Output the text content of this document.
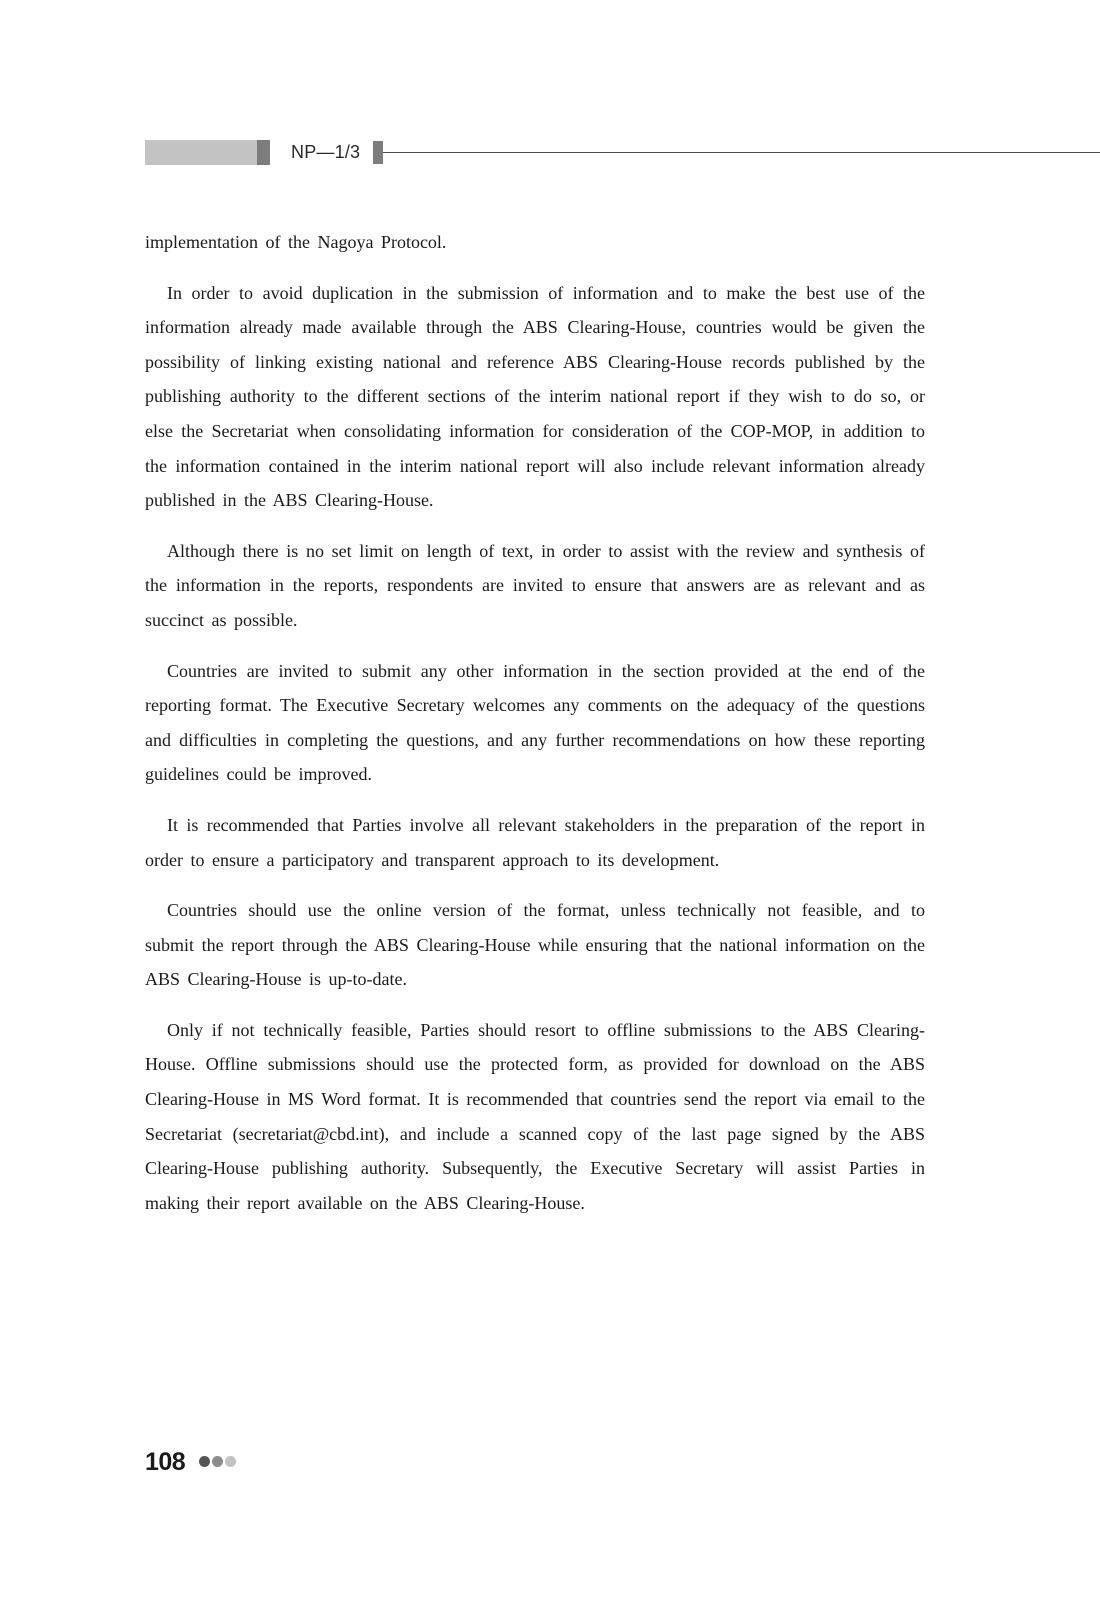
NP—1/3

implementation of the Nagoya Protocol.

In order to avoid duplication in the submission of information and to make the best use of the information already made available through the ABS Clearing-House, countries would be given the possibility of linking existing national and reference ABS Clearing-House records published by the publishing authority to the different sections of the interim national report if they wish to do so, or else the Secretariat when consolidating information for consideration of the COP-MOP, in addition to the information contained in the interim national report will also include relevant information already published in the ABS Clearing-House.

Although there is no set limit on length of text, in order to assist with the review and synthesis of the information in the reports, respondents are invited to ensure that answers are as relevant and as succinct as possible.

Countries are invited to submit any other information in the section provided at the end of the reporting format. The Executive Secretary welcomes any comments on the adequacy of the questions and difficulties in completing the questions, and any further recommendations on how these reporting guidelines could be improved.

It is recommended that Parties involve all relevant stakeholders in the preparation of the report in order to ensure a participatory and transparent approach to its development.

Countries should use the online version of the format, unless technically not feasible, and to submit the report through the ABS Clearing-House while ensuring that the national information on the ABS Clearing-House is up-to-date.

Only if not technically feasible, Parties should resort to offline submissions to the ABS Clearing-House. Offline submissions should use the protected form, as provided for download on the ABS Clearing-House in MS Word format. It is recommended that countries send the report via email to the Secretariat (secretariat@cbd.int), and include a scanned copy of the last page signed by the ABS Clearing-House publishing authority. Subsequently, the Executive Secretary will assist Parties in making their report available on the ABS Clearing-House.

108
